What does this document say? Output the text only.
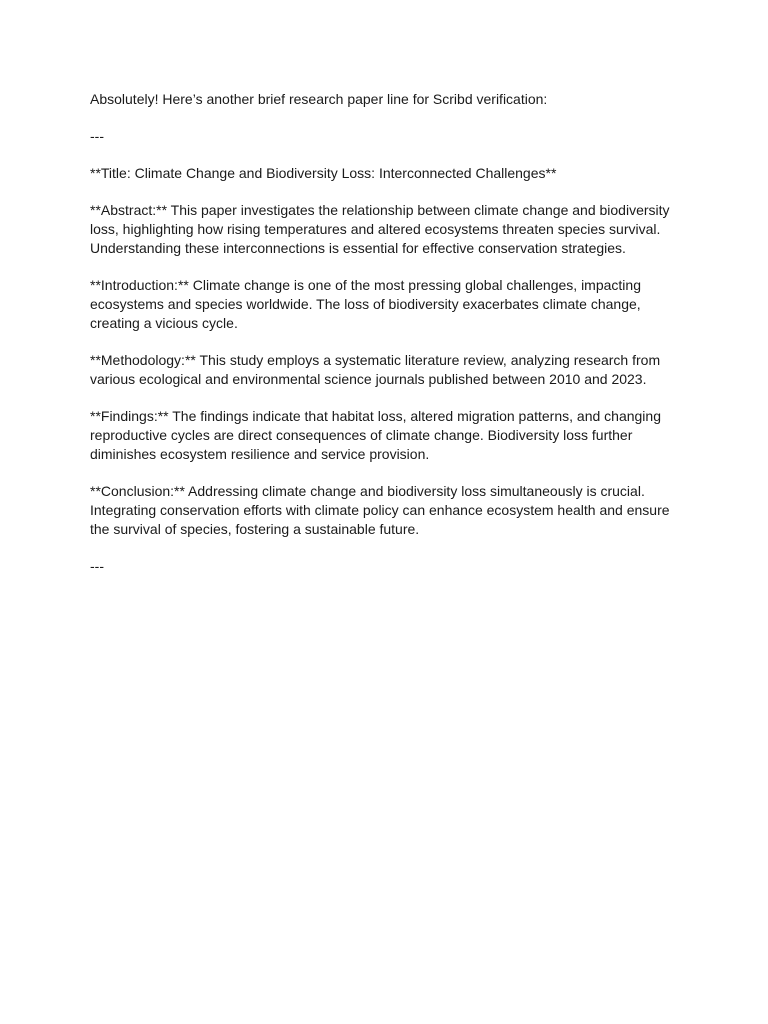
Absolutely! Here’s another brief research paper line for Scribd verification:

---

**Title: Climate Change and Biodiversity Loss: Interconnected Challenges**

**Abstract:** This paper investigates the relationship between climate change and biodiversity loss, highlighting how rising temperatures and altered ecosystems threaten species survival. Understanding these interconnections is essential for effective conservation strategies.

**Introduction:** Climate change is one of the most pressing global challenges, impacting ecosystems and species worldwide. The loss of biodiversity exacerbates climate change, creating a vicious cycle.

**Methodology:** This study employs a systematic literature review, analyzing research from various ecological and environmental science journals published between 2010 and 2023.

**Findings:** The findings indicate that habitat loss, altered migration patterns, and changing reproductive cycles are direct consequences of climate change. Biodiversity loss further diminishes ecosystem resilience and service provision.

**Conclusion:** Addressing climate change and biodiversity loss simultaneously is crucial. Integrating conservation efforts with climate policy can enhance ecosystem health and ensure the survival of species, fostering a sustainable future.

---
